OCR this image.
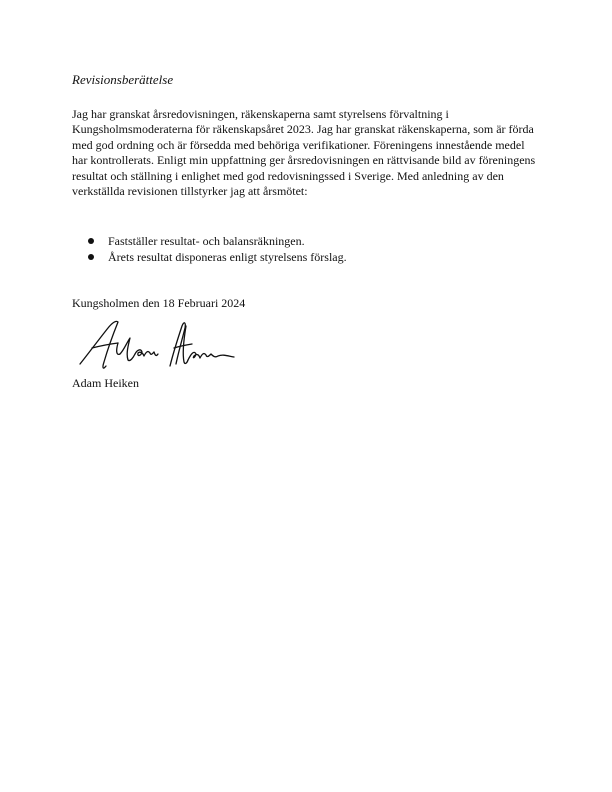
Revisionsberättelse
Jag har granskat årsredovisningen, räkenskaperna samt styrelsens förvaltning i
Kungsholmsmoderaterna för räkenskapsåret 2023. Jag har granskat räkenskaperna, som är förda
med god ordning och är försedda med behöriga verifikationer. Föreningens innestående medel
har kontrollerats. Enligt min uppfattning ger årsredovisningen en rättvisande bild av föreningens
resultat och ställning i enlighet med god redovisningssed i Sverige. Med anledning av den
verkställda revisionen tillstyrker jag att årsmötet:
Fastställer resultat- och balansräkningen.
Årets resultat disponeras enligt styrelsens förslag.
Kungsholmen den 18 Februari 2024
Adam Heiken
